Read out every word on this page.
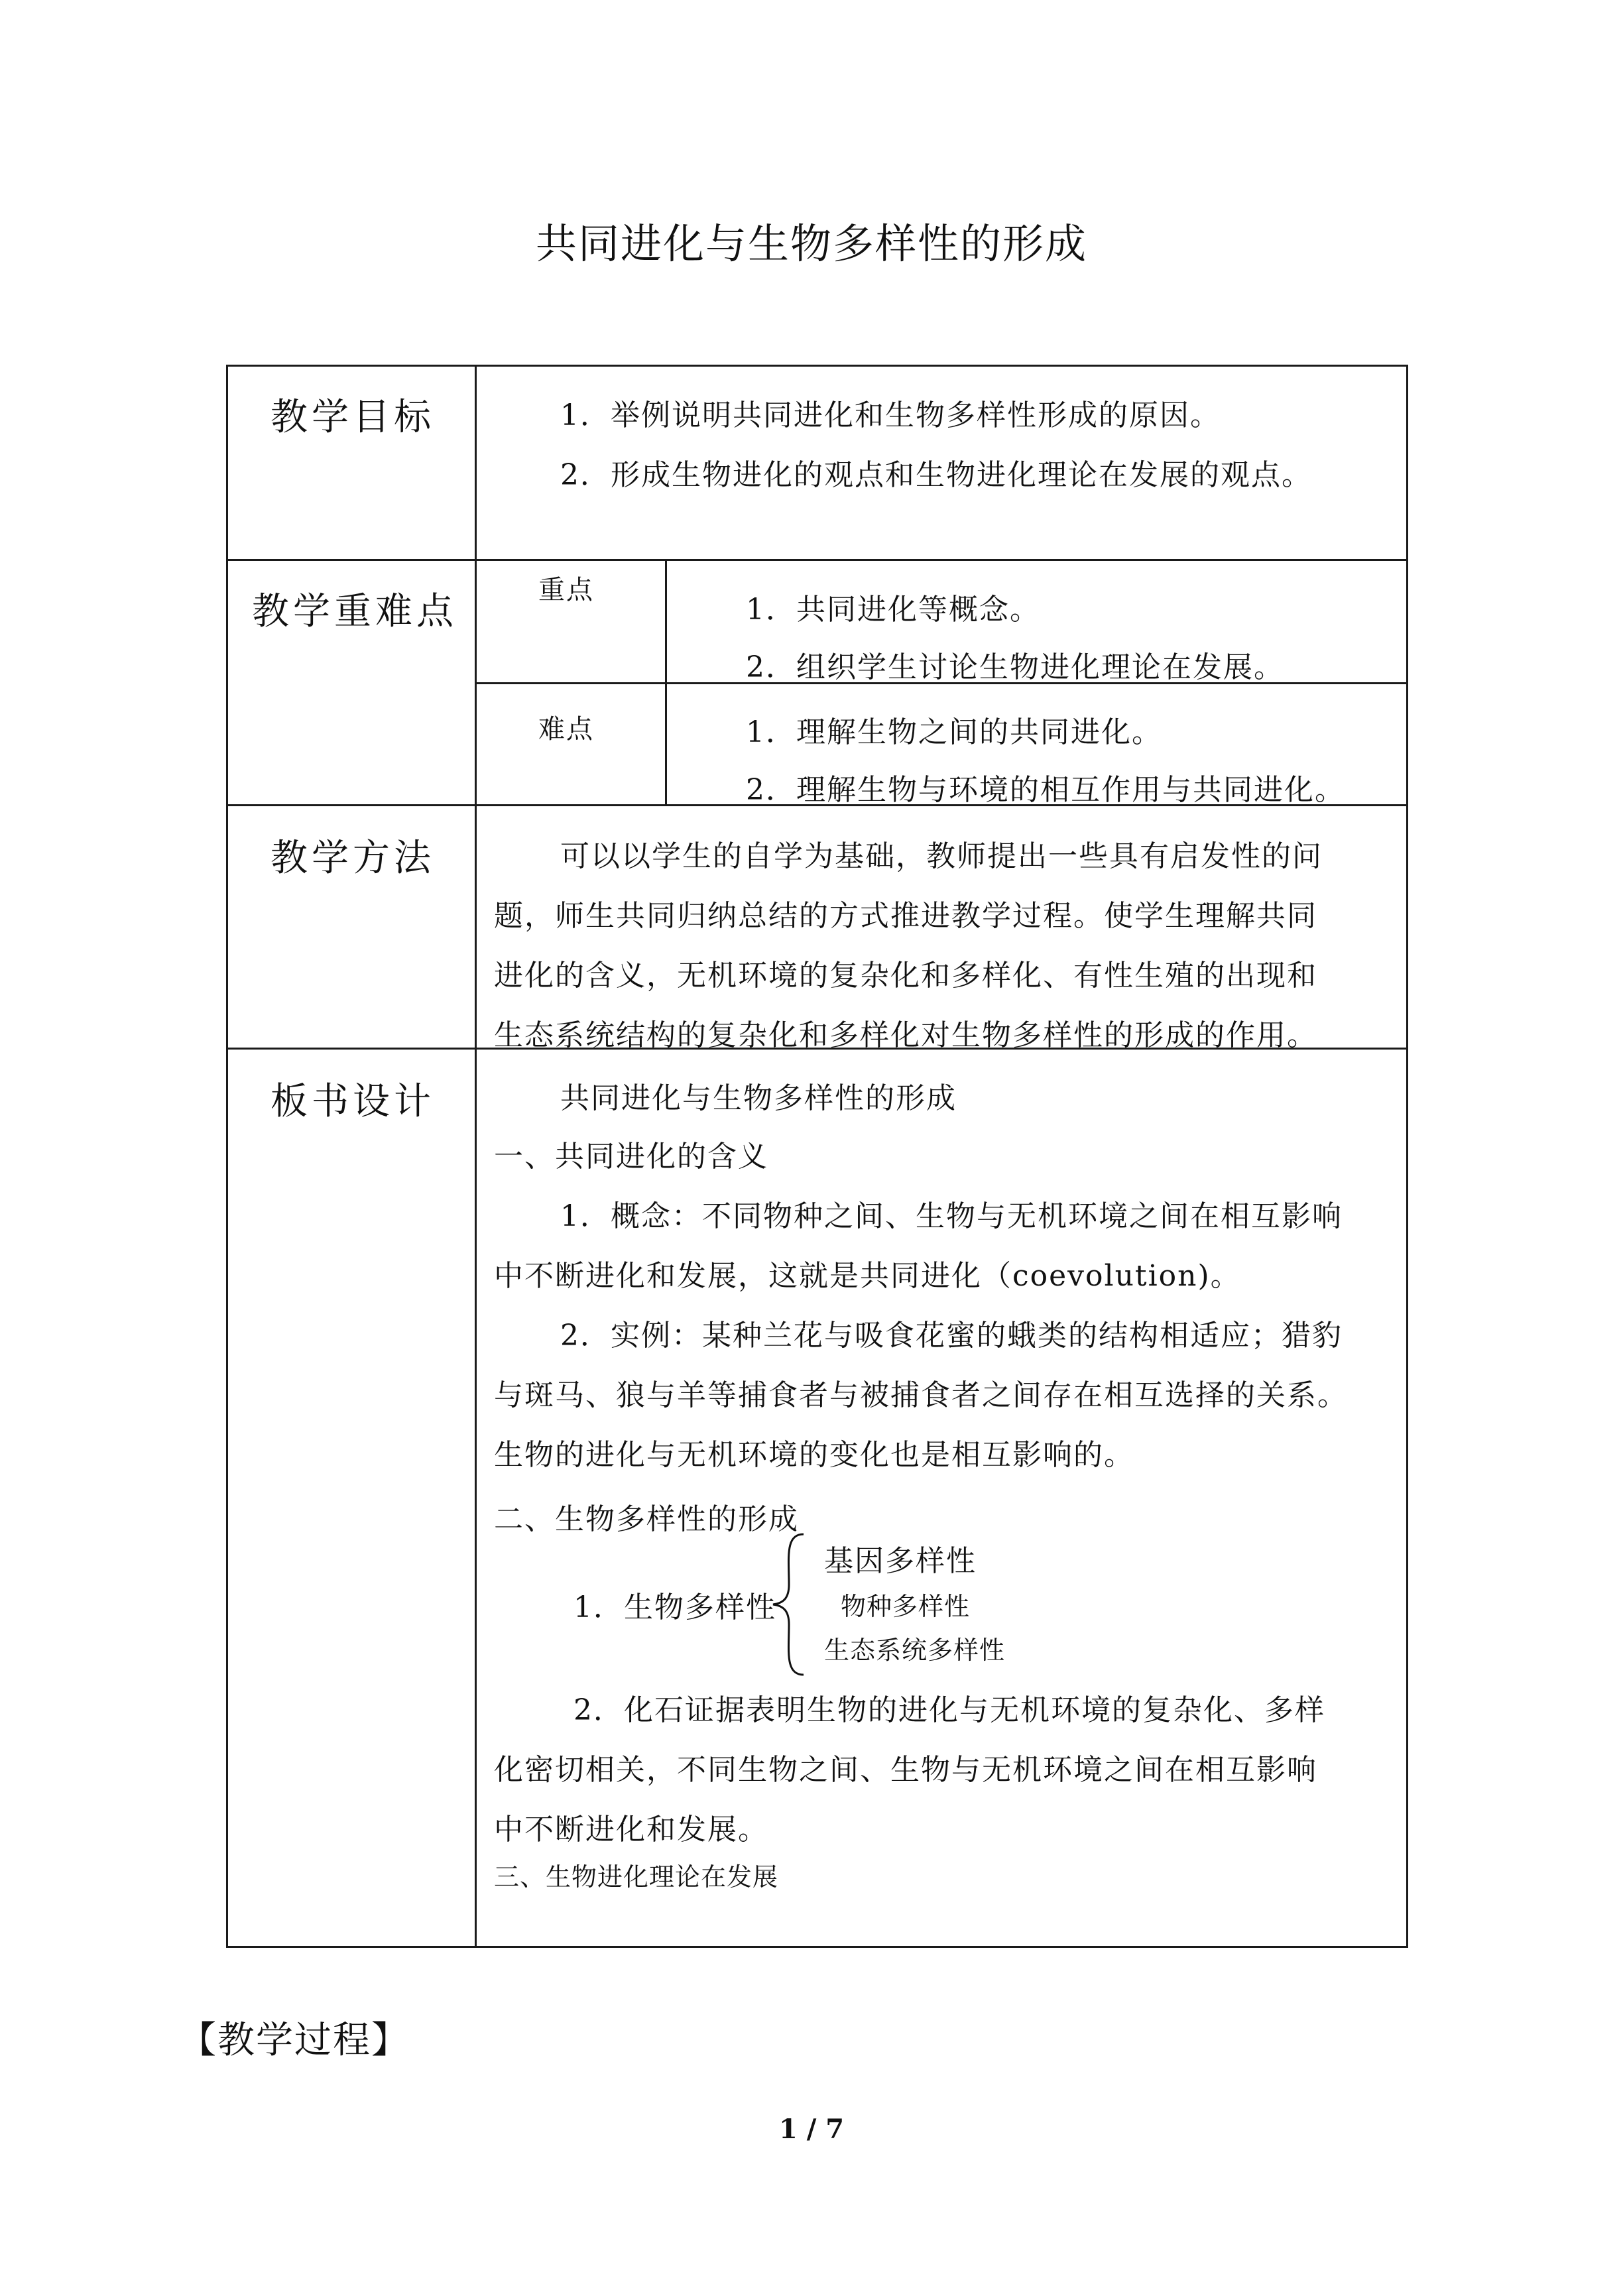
共同进化与生物多样性的形成
教学目标	1．举例说明共同进化和生物多样性形成的原因。
2．形成生物进化的观点和生物进化理论在发展的观点。
教学重难点	重点
1．共同进化等概念。
2．组织学生讨论生物进化理论在发展。
难点	1．理解生物之间的共同进化。
2．理解生物与环境的相互作用与共同进化。
教学方法	可以以学生的自学为基础，教师提出一些具有启发性的问
题，师生共同归纳总结的方式推进教学过程。使学生理解共同
进化的含义，无机环境的复杂化和多样化、有性生殖的出现和
生态系统结构的复杂化和多样化对生物多样性的形成的作用。
板书设计	共同进化与生物多样性的形成
一、共同进化的含义
1．概念：不同物种之间、生物与无机环境之间在相互影响
中不断进化和发展，这就是共同进化（coevolution)。
2．实例：某种兰花与吸食花蜜的蛾类的结构相适应；猎豹
与斑马、狼与羊等捕食者与被捕食者之间存在相互选择的关系。
生物的进化与无机环境的变化也是相互影响的。
二、生物多样性的形成
1．生物多样性
基因多样性
物种多样性
生态系统多样性
2．化石证据表明生物的进化与无机环境的复杂化、多样
化密切相关，不同生物之间、生物与无机环境之间在相互影响
中不断进化和发展。
三、生物进化理论在发展
【教学过程】
1 / 7
